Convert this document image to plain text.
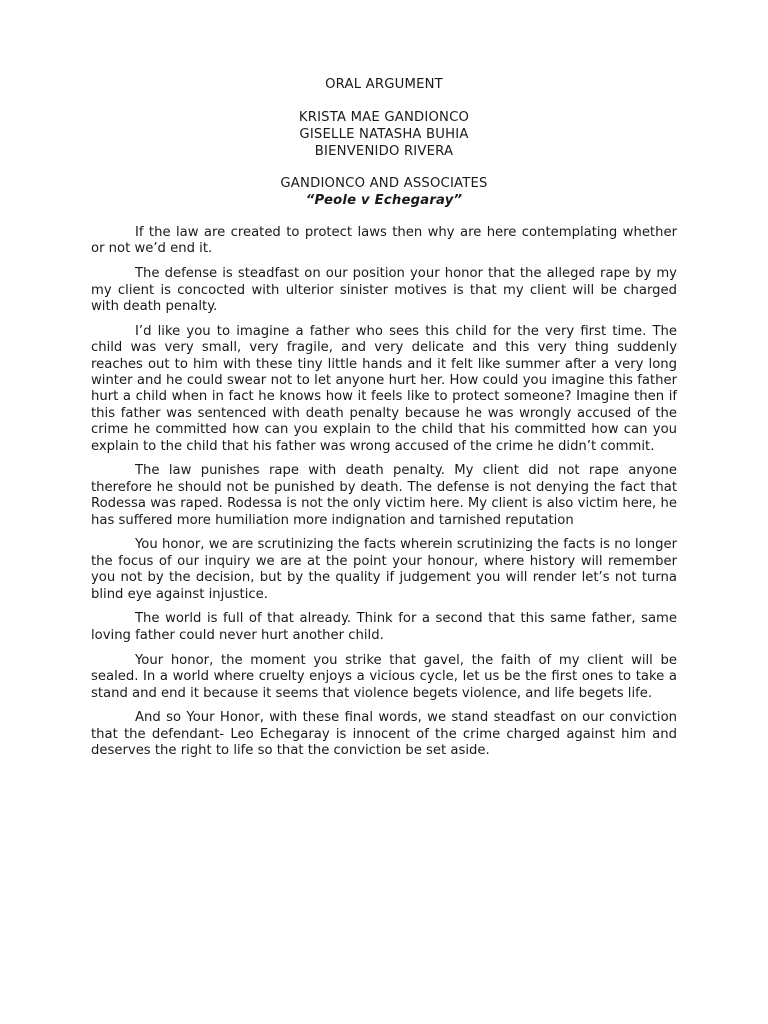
ORAL ARGUMENT
KRISTA MAE GANDIONCO
GISELLE NATASHA BUHIA
BIENVENIDO RIVERA
GANDIONCO AND ASSOCIATES
“Peole v Echegaray”

If the law are created to protect laws then why are here contemplating whether or not we’d end it.

The defense is steadfast on our position your honor that the alleged rape by my my client is concocted with ulterior sinister motives is that my client will be charged with death penalty.

I’d like you to imagine a father who sees this child for the very first time. The child was very small, very fragile, and very delicate and this very thing suddenly reaches out to him with these tiny little hands and it felt like summer after a very long winter and he could swear not to let anyone hurt her. How could you imagine this father hurt a child when in fact he knows how it feels like to protect someone? Imagine then if this father was sentenced with death penalty because he was wrongly accused of the crime he committed how can you explain to the child that his committed how can you explain to the child that his father was wrong accused of the crime he didn’t commit.

The law punishes rape with death penalty. My client did not rape anyone therefore he should not be punished by death. The defense is not denying the fact that Rodessa was raped. Rodessa is not the only victim here. My client is also victim here, he has suffered more humiliation more indignation and tarnished reputation

You honor, we are scrutinizing the facts wherein scrutinizing the facts is no longer the focus of our inquiry we are at the point your honour, where history will remember you not by the decision, but by the quality if judgement you will render let’s not turna blind eye against injustice.

The world is full of that already. Think for a second that this same father, same loving father could never hurt another child.

Your honor, the moment you strike that gavel, the faith of my client will be sealed. In a world where cruelty enjoys a vicious cycle, let us be the first ones to take a stand and end it because it seems that violence begets violence, and life begets life.

And so Your Honor, with these final words, we stand steadfast on our conviction that the defendant- Leo Echegaray is innocent of the crime charged against him and deserves the right to life so that the conviction be set aside.
